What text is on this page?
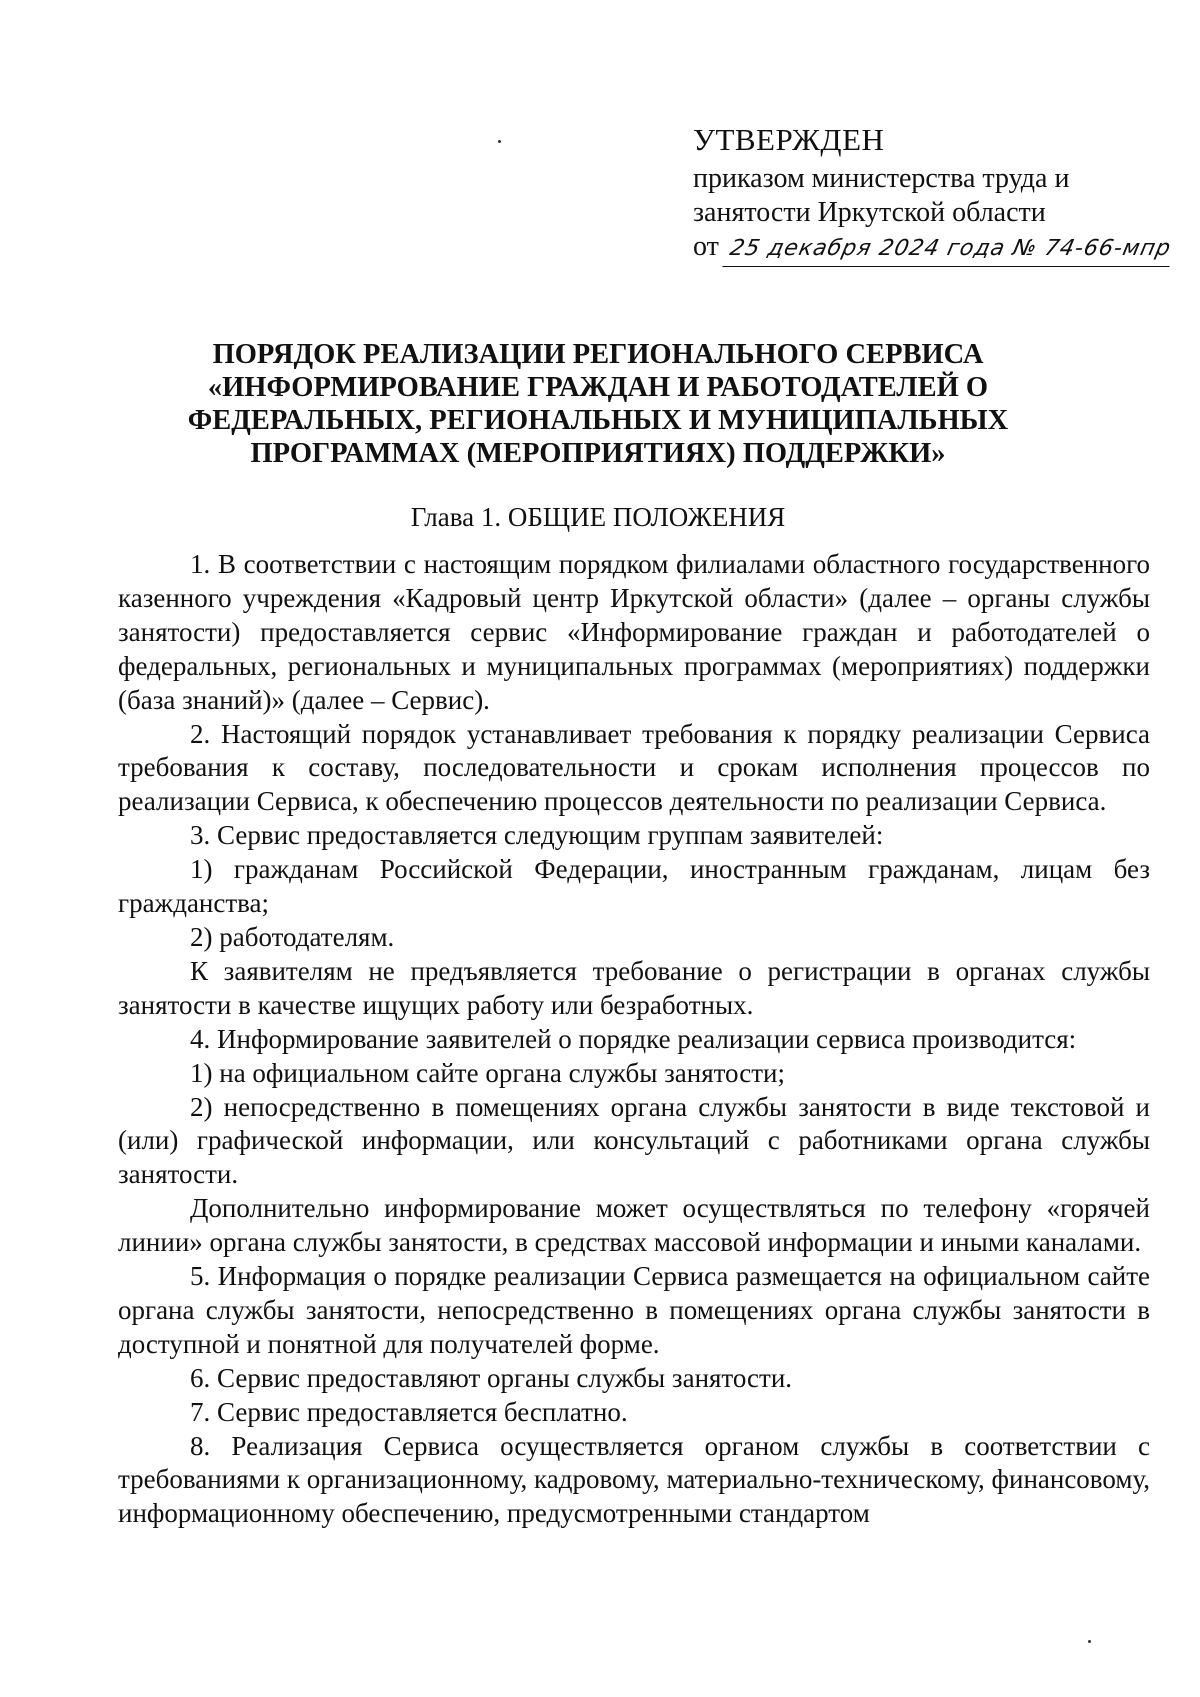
УТВЕРЖДЕН
приказом министерства труда и
занятости Иркутской области
от 25 декабря 2024 года № 74-66-мпр
ПОРЯДОК РЕАЛИЗАЦИИ РЕГИОНАЛЬНОГО СЕРВИСА
«ИНФОРМИРОВАНИЕ ГРАЖДАН И РАБОТОДАТЕЛЕЙ О
ФЕДЕРАЛЬНЫХ, РЕГИОНАЛЬНЫХ И МУНИЦИПАЛЬНЫХ
ПРОГРАММАХ (МЕРОПРИЯТИЯХ) ПОДДЕРЖКИ»
Глава 1. ОБЩИЕ ПОЛОЖЕНИЯ

1. В соответствии с настоящим порядком филиалами областного государственного казенного учреждения «Кадровый центр Иркутской области» (далее – органы службы занятости) предоставляется сервис «Информирование граждан и работодателей о федеральных, региональных и муниципальных программах (мероприятиях) поддержки (база знаний)» (далее – Сервис).

2. Настоящий порядок устанавливает требования к порядку реализации Сервиса требования к составу, последовательности и срокам исполнения процессов по реализации Сервиса, к обеспечению процессов деятельности по реализации Сервиса.

3. Сервис предоставляется следующим группам заявителей:

1) гражданам Российской Федерации, иностранным гражданам, лицам без гражданства;

2) работодателям.

К заявителям не предъявляется требование о регистрации в органах службы занятости в качестве ищущих работу или безработных.

4. Информирование заявителей о порядке реализации сервиса производится:

1) на официальном сайте органа службы занятости;

2) непосредственно в помещениях органа службы занятости в виде текстовой и (или) графической информации, или консультаций с работниками органа службы занятости.

Дополнительно информирование может осуществляться по телефону «горячей линии» органа службы занятости, в средствах массовой информации и иными каналами.

5. Информация о порядке реализации Сервиса размещается на официальном сайте органа службы занятости, непосредственно в помещениях органа службы занятости в доступной и понятной для получателей форме.

6. Сервис предоставляют органы службы занятости.

7. Сервис предоставляется бесплатно.

8. Реализация Сервиса осуществляется органом службы в соответствии с требованиями к организационному, кадровому, материально-техническому, финансовому, информационному обеспечению, предусмотренными стандартом
